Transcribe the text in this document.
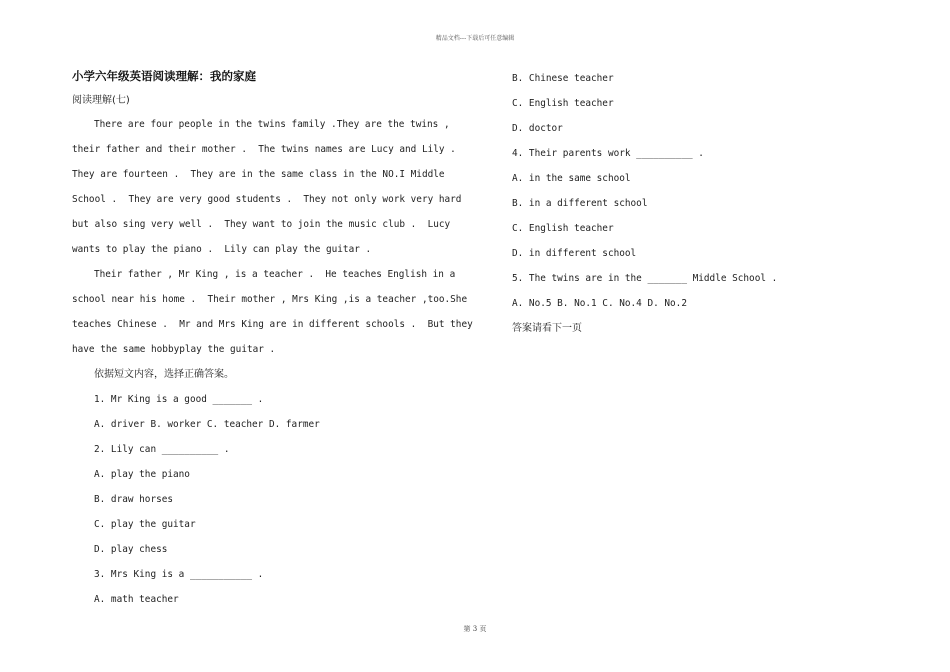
精品文档---下载后可任意编辑
小学六年级英语阅读理解：我的家庭
阅读理解(七)
There are four people in the twins family .They are the twins ,
their father and their mother .  The twins names are Lucy and Lily .
They are fourteen .  They are in the same class in the NO.I Middle
School .  They are very good students .  They not only work very hard
but also sing very well .  They want to join the music club .  Lucy
wants to play the piano .  Lily can play the guitar .
Their father , Mr King , is a teacher .  He teaches English in a
school near his home .  Their mother , Mrs King ,is a teacher ,too.She
teaches Chinese .  Mr and Mrs King are in different schools .  But they
have the same hobbyplay the guitar .
依据短文内容，选择正确答案。
1. Mr King is a good _______ .
A. driver B. worker C. teacher D. farmer
2. Lily can __________ .
A. play the piano
B. draw horses
C. play the guitar
D. play chess
3. Mrs King is a ___________ .
A. math teacher
B. Chinese teacher
C. English teacher
D. doctor
4. Their parents work __________ .
A. in the same school
B. in a different school
C. English teacher
D. in different school
5. The twins are in the _______ Middle School .
A. No.5 B. No.1 C. No.4 D. No.2
答案请看下一页
第 3 页
